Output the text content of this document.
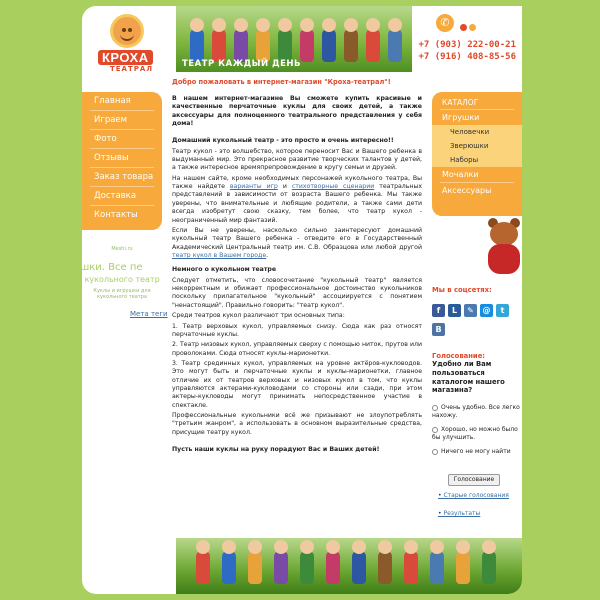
КРОХА
ТЕАТРАЛ	ТЕАТР КАЖДЫЙ ДЕНЬ
✆
+7 (903) 222-00-21
+7 (916) 408-85-56
Главная
Играем
Фото
Отзывы
Заказ товара
Доставка
Контакты
Meshi.ru
трушки. Все пе
его кукольного театр
Куклы и игрушки для кукольного театра
Мета теги
Добро пожаловать в интернет-магазин "Кроха-театрал"!

В нашем интернет-магазине Вы сможете купить красивые и качественные перчаточные куклы для своих детей, а также аксессуары для полноценного театрального представления у себя дома!

Домашний кукольный театр - это просто и очень интересно!!

Театр кукол - это волшебство, которое переносит Вас и Вашего ребенка в выдуманный мир. Это прекрасное развитие творческих талантов у детей, а также интересное времяпрепровождение в кругу семьи и друзей.

На нашем сайте, кроме необходимых персонажей кукольного театра, Вы также найдете варианты игр и стихотворные сценарии театральных представлений в зависимости от возраста Вашего ребенка. Мы также уверены, что внимательные и любящие родители, а также сами дети всегда изобретут свою сказку, тем более, что театр кукол - неограниченный мир фантазий.

Если Вы не уверены, насколько сильно заинтересуют домашний кукольный театр Вашего ребенка - отведите его в Государственный Академический Центральный театр им. С.В. Образцова или любой другой театр кукол в Вашем городе.

Немного о кукольном театре

Следует отметить, что словосочетание "кукольный театр" является некорректным и обижает профессиональное достоинство кукольников поскольку прилагательное "кукольный" ассоциируется с понятием "ненастоящий". Правильно говорить: "театр кукол".

Среди театров кукол различают три основных типа:

1. Театр верховых кукол, управляемых снизу. Сюда как раз относят перчаточные куклы.

2. Театр низовых кукол, управляемых сверху с помощью ниток, прутов или проволоками. Сюда относят куклы-марионетки.

3. Театр срединных кукол, управляемых на уровне актёров-кукловодов. Это могут быть и перчаточные куклы и куклы-марионетки, главное отличие их от театров верховых и низовых кукол в том, что куклы управляются актерами-кукловодами со стороны или сзади, при этом актеры-кукловоды могут принимать непосредственное участие в спектакле.

Профессиональные кукольники всё же призывают не злоупотреблять "третьим жанром", а использовать в основном выразительные средства, присущие театру кукол.

Пусть наши куклы на руку порадуют Вас и Ваших детей!

КАТАЛОГ
Игрушки
Человечки
Зверюшки
Наборы
Мочалки
Аксессуары
Мы в соцсетях:
f L ✎ @ tB
Голосование:
Удобно ли Вам пользоваться каталогом нашего магазина?
Очень удобно. Все легко нахожу.
Хорошо, но можно было бы улучшить.
Ничего не могу найти
Голосование
• Старые голосования
• Результаты
